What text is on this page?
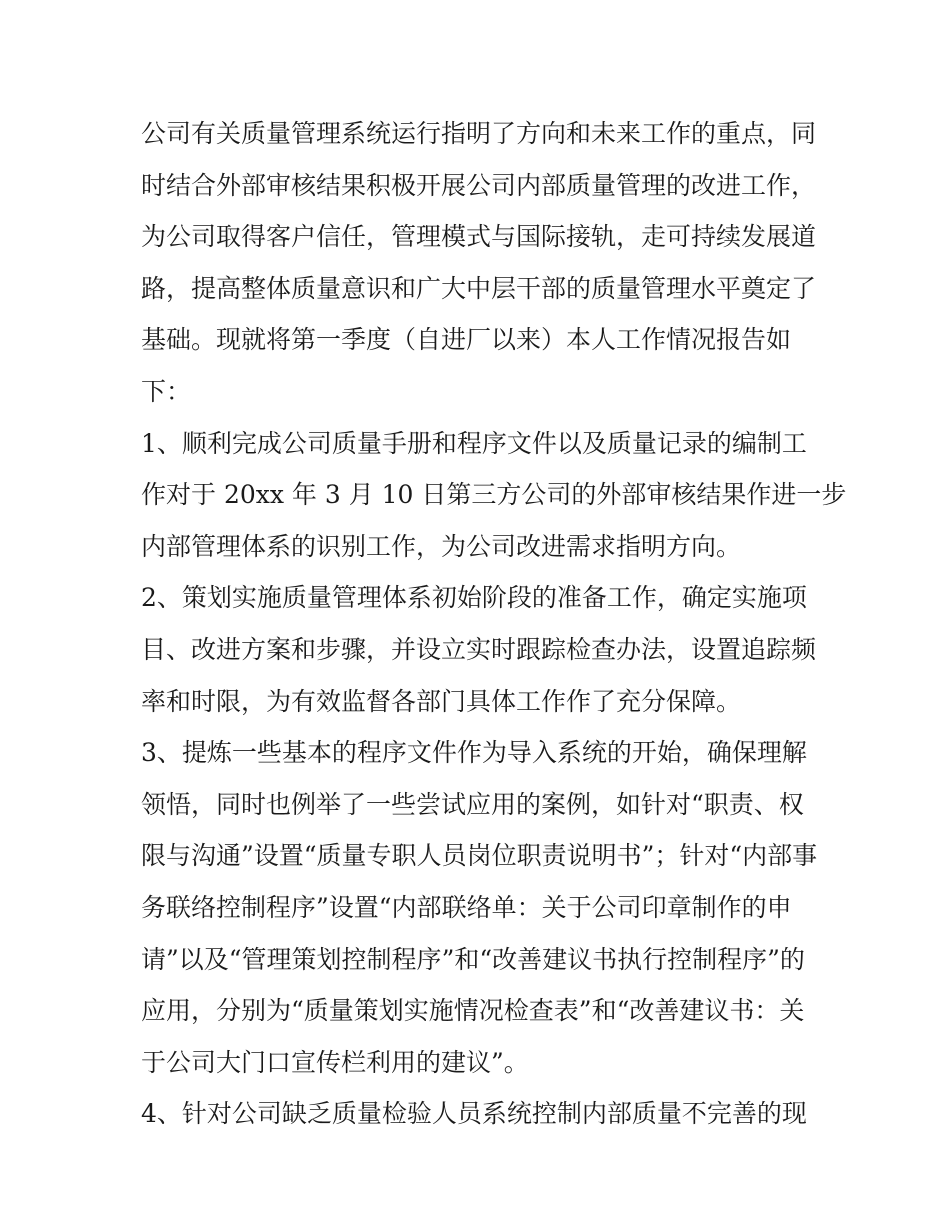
公司有关质量管理系统运行指明了方向和未来工作的重点，同
时结合外部审核结果积极开展公司内部质量管理的改进工作，
为公司取得客户信任，管理模式与国际接轨，走可持续发展道
路，提高整体质量意识和广大中层干部的质量管理水平奠定了
基础。现就将第一季度（自进厂以来）本人工作情况报告如
下：
1、顺利完成公司质量手册和程序文件以及质量记录的编制工
作对于 20xx 年 3 月 10 日第三方公司的外部审核结果作进一步
内部管理体系的识别工作，为公司改进需求指明方向。
2、策划实施质量管理体系初始阶段的准备工作，确定实施项
目、改进方案和步骤，并设立实时跟踪检查办法，设置追踪频
率和时限，为有效监督各部门具体工作作了充分保障。
3、提炼一些基本的程序文件作为导入系统的开始，确保理解
领悟，同时也例举了一些尝试应用的案例，如针对“职责、权
限与沟通”设置“质量专职人员岗位职责说明书”；针对“内部事
务联络控制程序”设置“内部联络单：关于公司印章制作的申
请”以及“管理策划控制程序”和“改善建议书执行控制程序”的
应用，分别为“质量策划实施情况检查表”和“改善建议书：关
于公司大门口宣传栏利用的建议”。
4、针对公司缺乏质量检验人员系统控制内部质量不完善的现
